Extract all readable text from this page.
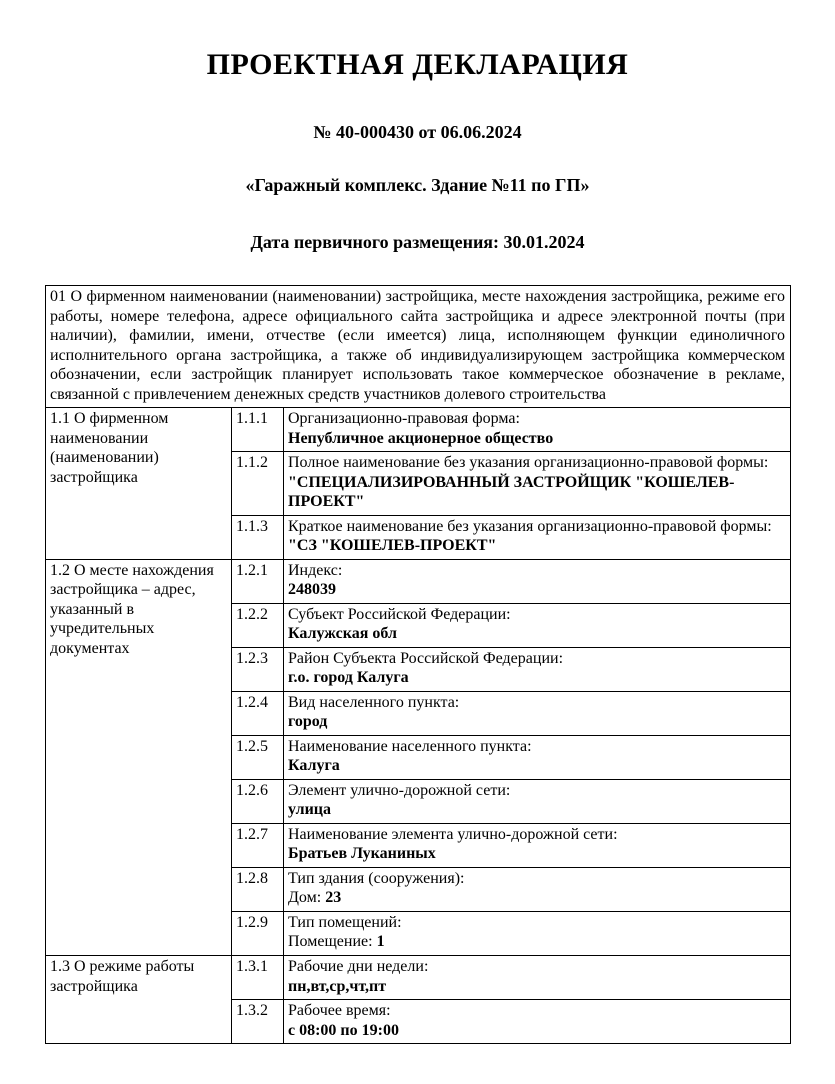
ПРОЕКТНАЯ ДЕКЛАРАЦИЯ
№ 40-000430 от 06.06.2024
«Гаражный комплекс. Здание №11 по ГП»
Дата первичного размещения: 30.01.2024
01 О фирменном наименовании (наименовании) застройщика, месте нахождения застройщика, режиме его работы, номере телефона, адресе официального сайта застройщика и адресе электронной почты (при наличии), фамилии, имени, отчестве (если имеется) лица, исполняющем функции единоличного исполнительного органа застройщика, а также об индивидуализирующем застройщика коммерческом обозначении, если застройщик планирует использовать такое коммерческое обозначение в рекламе, связанной с привлечением денежных средств участников долевого строительства		
1.1 О фирменном наименовании (наименовании) застройщика	1.1.1	Организационно-правовая форма:
Непубличное акционерное общество

	1.1.2	Полное наименование без указания организационно-правовой формы:
"СПЕЦИАЛИЗИРОВАННЫЙ ЗАСТРОЙЩИК "КОШЕЛЕВ-ПРОЕКТ"

	1.1.3	Краткое наименование без указания организационно-правовой формы:
"СЗ "КОШЕЛЕВ-ПРОЕКТ"

1.2 О месте нахождения застройщика – адрес, указанный в учредительных документах	1.2.1	Индекс:
248039

	1.2.2	Субъект Российской Федерации:
Калужская обл

	1.2.3	Район Субъекта Российской Федерации:
г.о. город Калуга

	1.2.4	Вид населенного пункта:
город

	1.2.5	Наименование населенного пункта:
Калуга

	1.2.6	Элемент улично-дорожной сети:
улица

	1.2.7	Наименование элемента улично-дорожной сети:
Братьев Луканиных

	1.2.8	Тип здания (сооружения):
Дом: 23

	1.2.9	Тип помещений:
Помещение: 1

1.3 О режиме работы застройщика	1.3.1	Рабочие дни недели:
пн,вт,ср,чт,пт

	1.3.2	Рабочее время:
с 08:00 по 19:00
